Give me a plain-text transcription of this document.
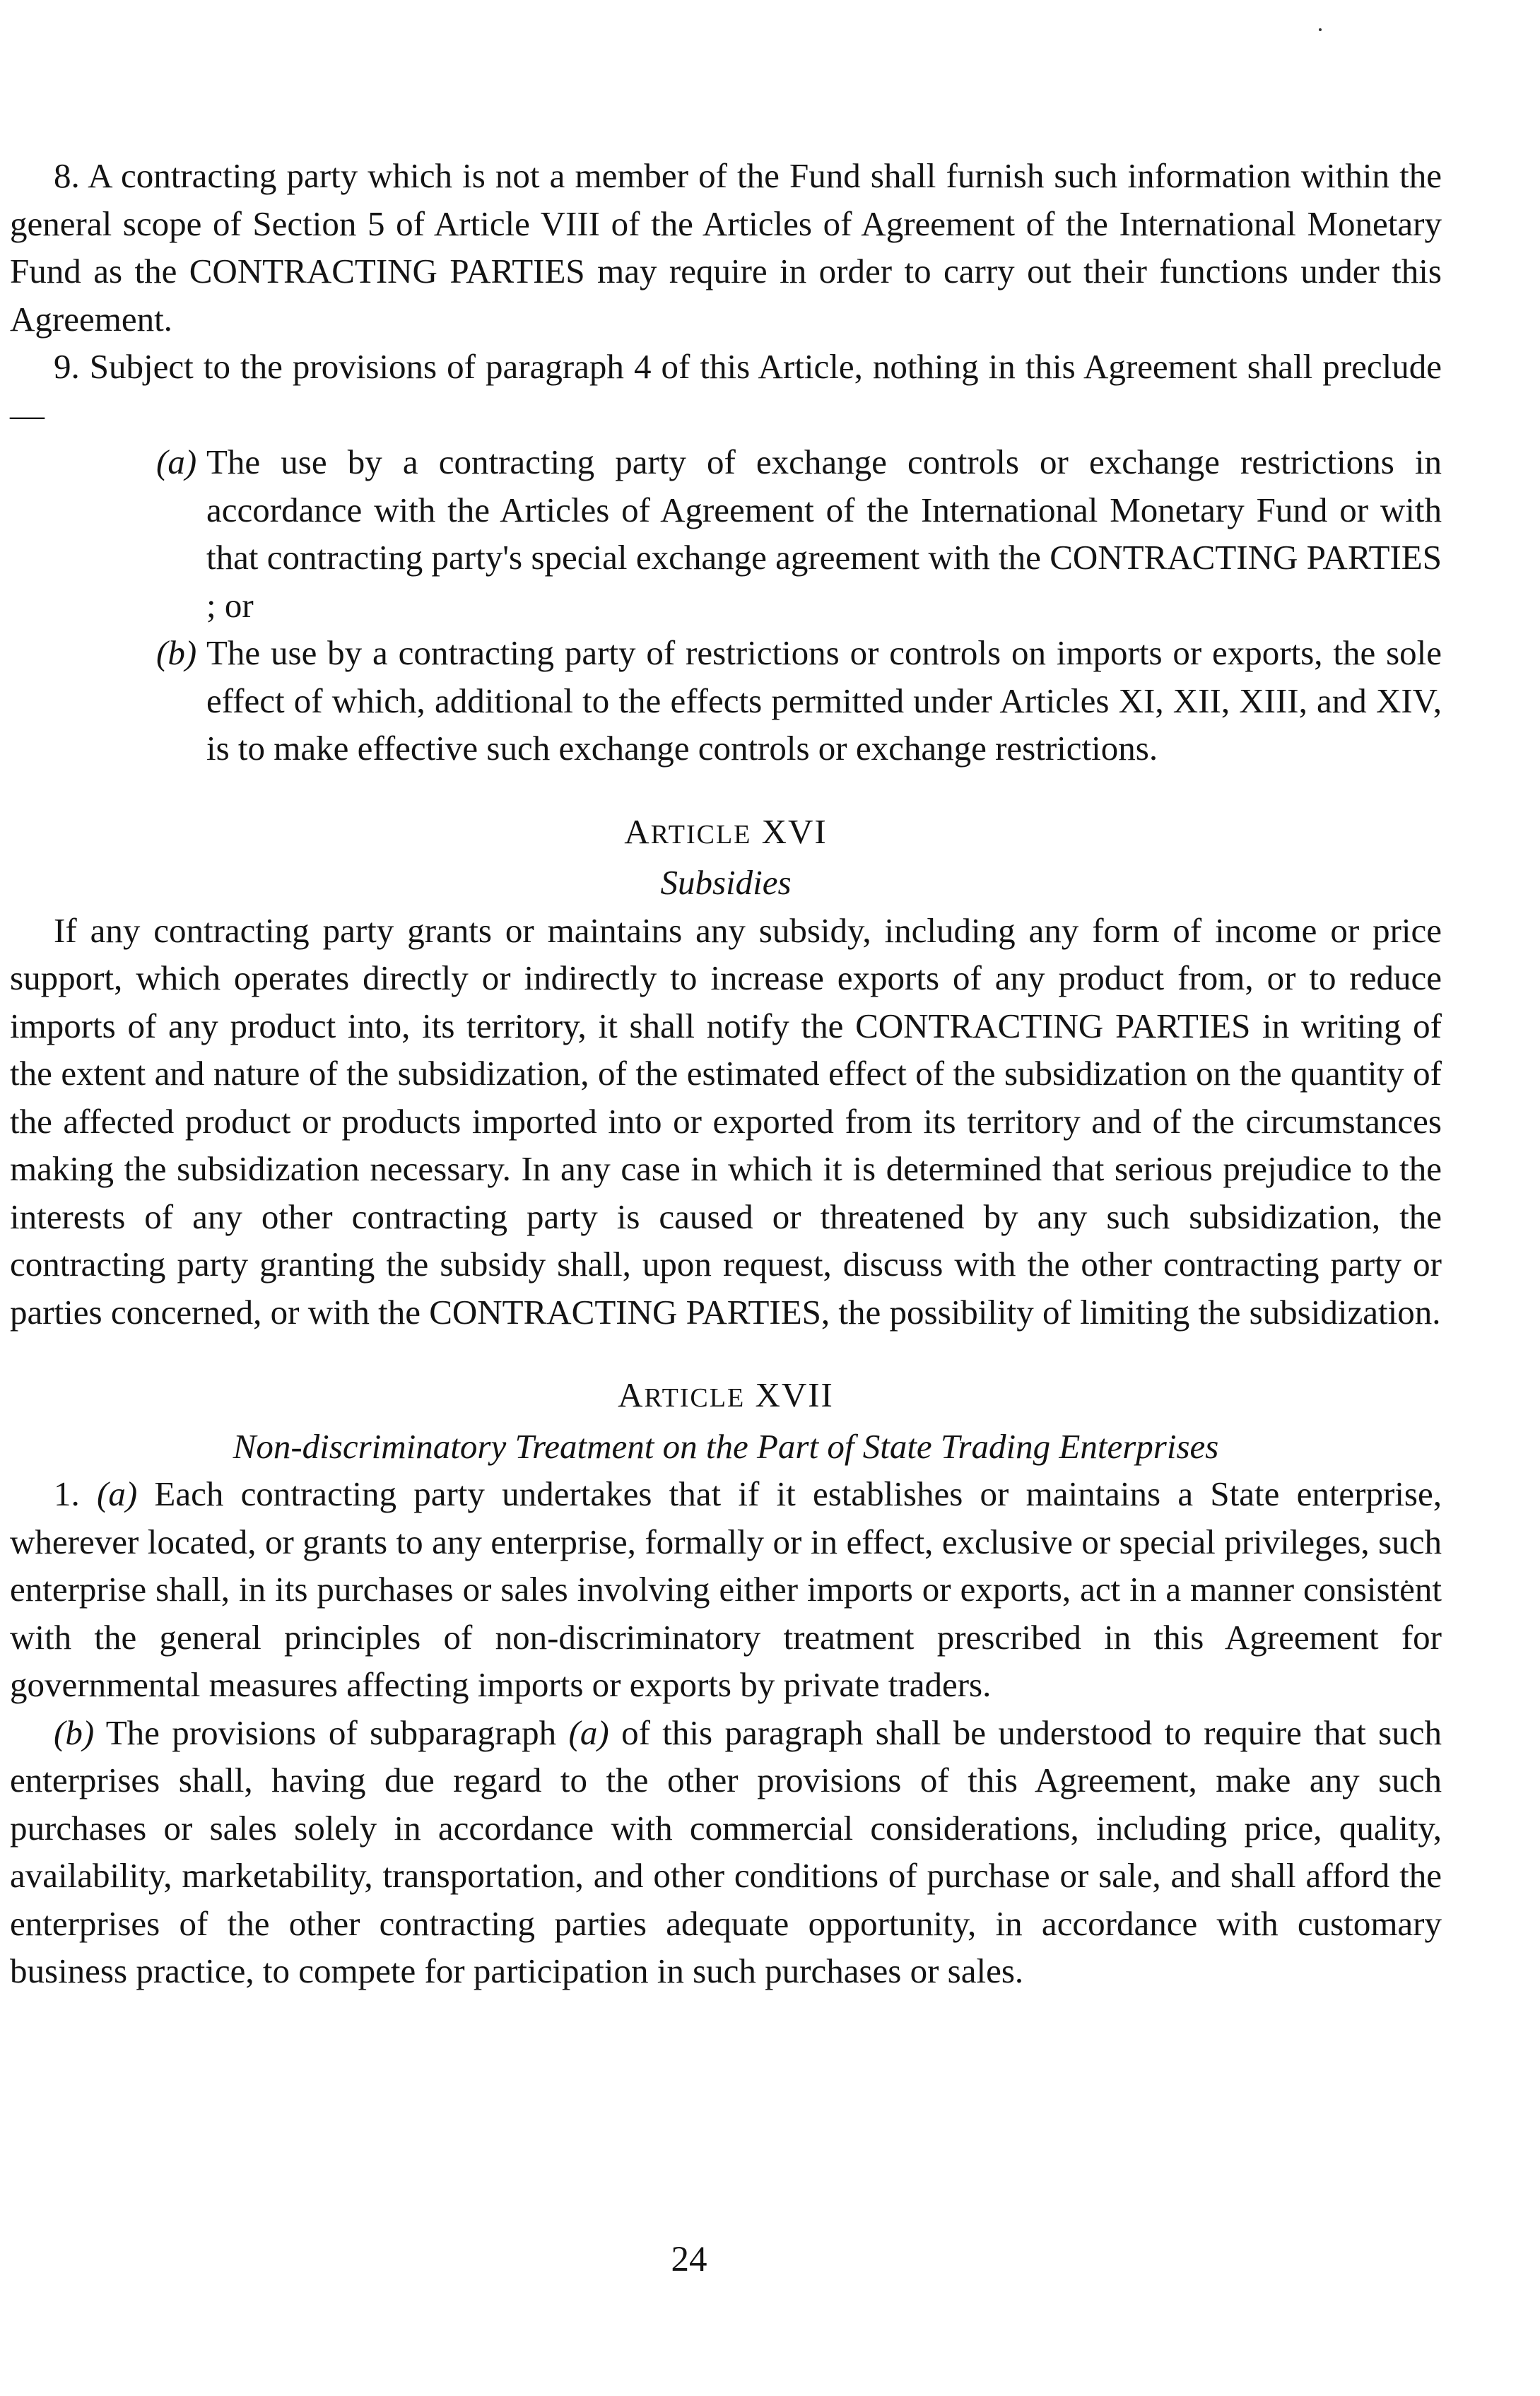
8. A contracting party which is not a member of the Fund shall furnish such information within the general scope of Section 5 of Article VIII of the Articles of Agreement of the International Monetary Fund as the CONTRACTING PARTIES may require in order to carry out their functions under this Agreement.

9. Subject to the provisions of paragraph 4 of this Article, nothing in this Agreement shall preclude—

(a) The use by a contracting party of exchange controls or exchange restrictions in accordance with the Articles of Agreement of the International Monetary Fund or with that contracting party's special exchange agreement with the CONTRACTING PARTIES ; or

(b) The use by a contracting party of restrictions or controls on imports or exports, the sole effect of which, additional to the effects permitted under Articles XI, XII, XIII, and XIV, is to make effective such exchange controls or exchange restrictions.

ARTICLE XVI

Subsidies

If any contracting party grants or maintains any subsidy, including any form of income or price support, which operates directly or indirectly to increase exports of any product from, or to reduce imports of any product into, its territory, it shall notify the CONTRACTING PARTIES in writing of the extent and nature of the subsidization, of the estimated effect of the subsidization on the quantity of the affected product or products imported into or exported from its territory and of the circumstances making the subsidization necessary. In any case in which it is determined that serious prejudice to the interests of any other contracting party is caused or threatened by any such subsidization, the contracting party granting the subsidy shall, upon request, discuss with the other contracting party or parties concerned, or with the CONTRACTING PARTIES, the possibility of limiting the subsidization.

ARTICLE XVII

Non-discriminatory Treatment on the Part of State Trading Enterprises

1. (a) Each contracting party undertakes that if it establishes or maintains a State enterprise, wherever located, or grants to any enterprise, formally or in effect, exclusive or special privileges, such enterprise shall, in its purchases or sales involving either imports or exports, act in a manner consistent with the general principles of non-discriminatory treatment prescribed in this Agreement for governmental measures affecting imports or exports by private traders.

(b) The provisions of subparagraph (a) of this paragraph shall be understood to require that such enterprises shall, having due regard to the other provisions of this Agreement, make any such purchases or sales solely in accordance with commercial considerations, including price, quality, availability, marketability, transportation, and other conditions of purchase or sale, and shall afford the enterprises of the other contracting parties adequate opportunity, in accordance with customary business practice, to compete for participation in such purchases or sales.

24
